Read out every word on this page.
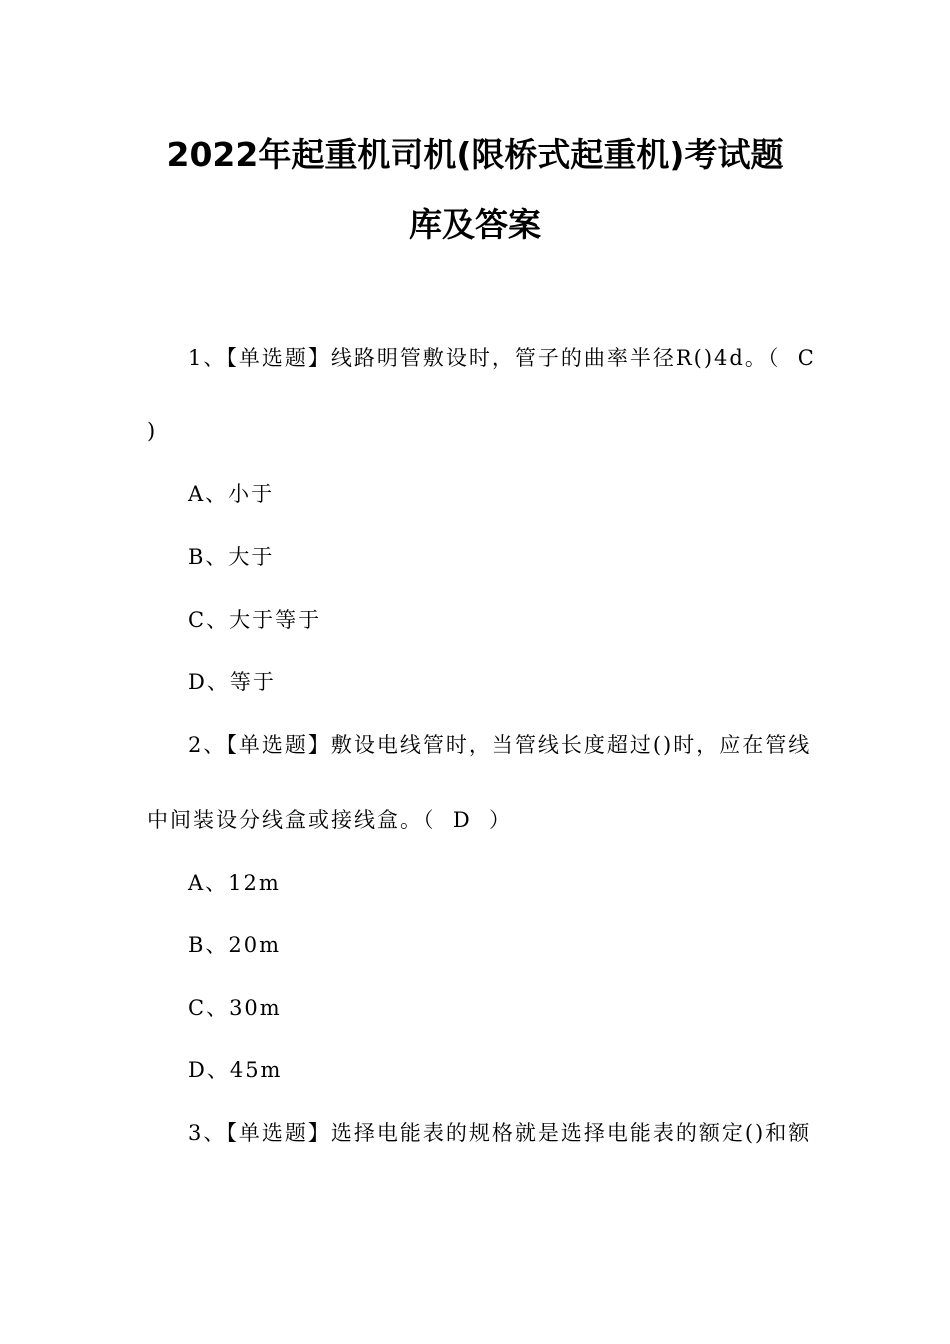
2022年起重机司机(限桥式起重机)考试题
库及答案
1、【单选题】线路明管敷设时，管子的曲率半径R()4d。（  C
)
A、小于
B、大于
C、大于等于
D、等于
2、【单选题】敷设电线管时，当管线长度超过()时，应在管线
中间装设分线盒或接线盒。（  D  ）
A、12m
B、20m
C、30m
D、45m
3、【单选题】选择电能表的规格就是选择电能表的额定()和额
